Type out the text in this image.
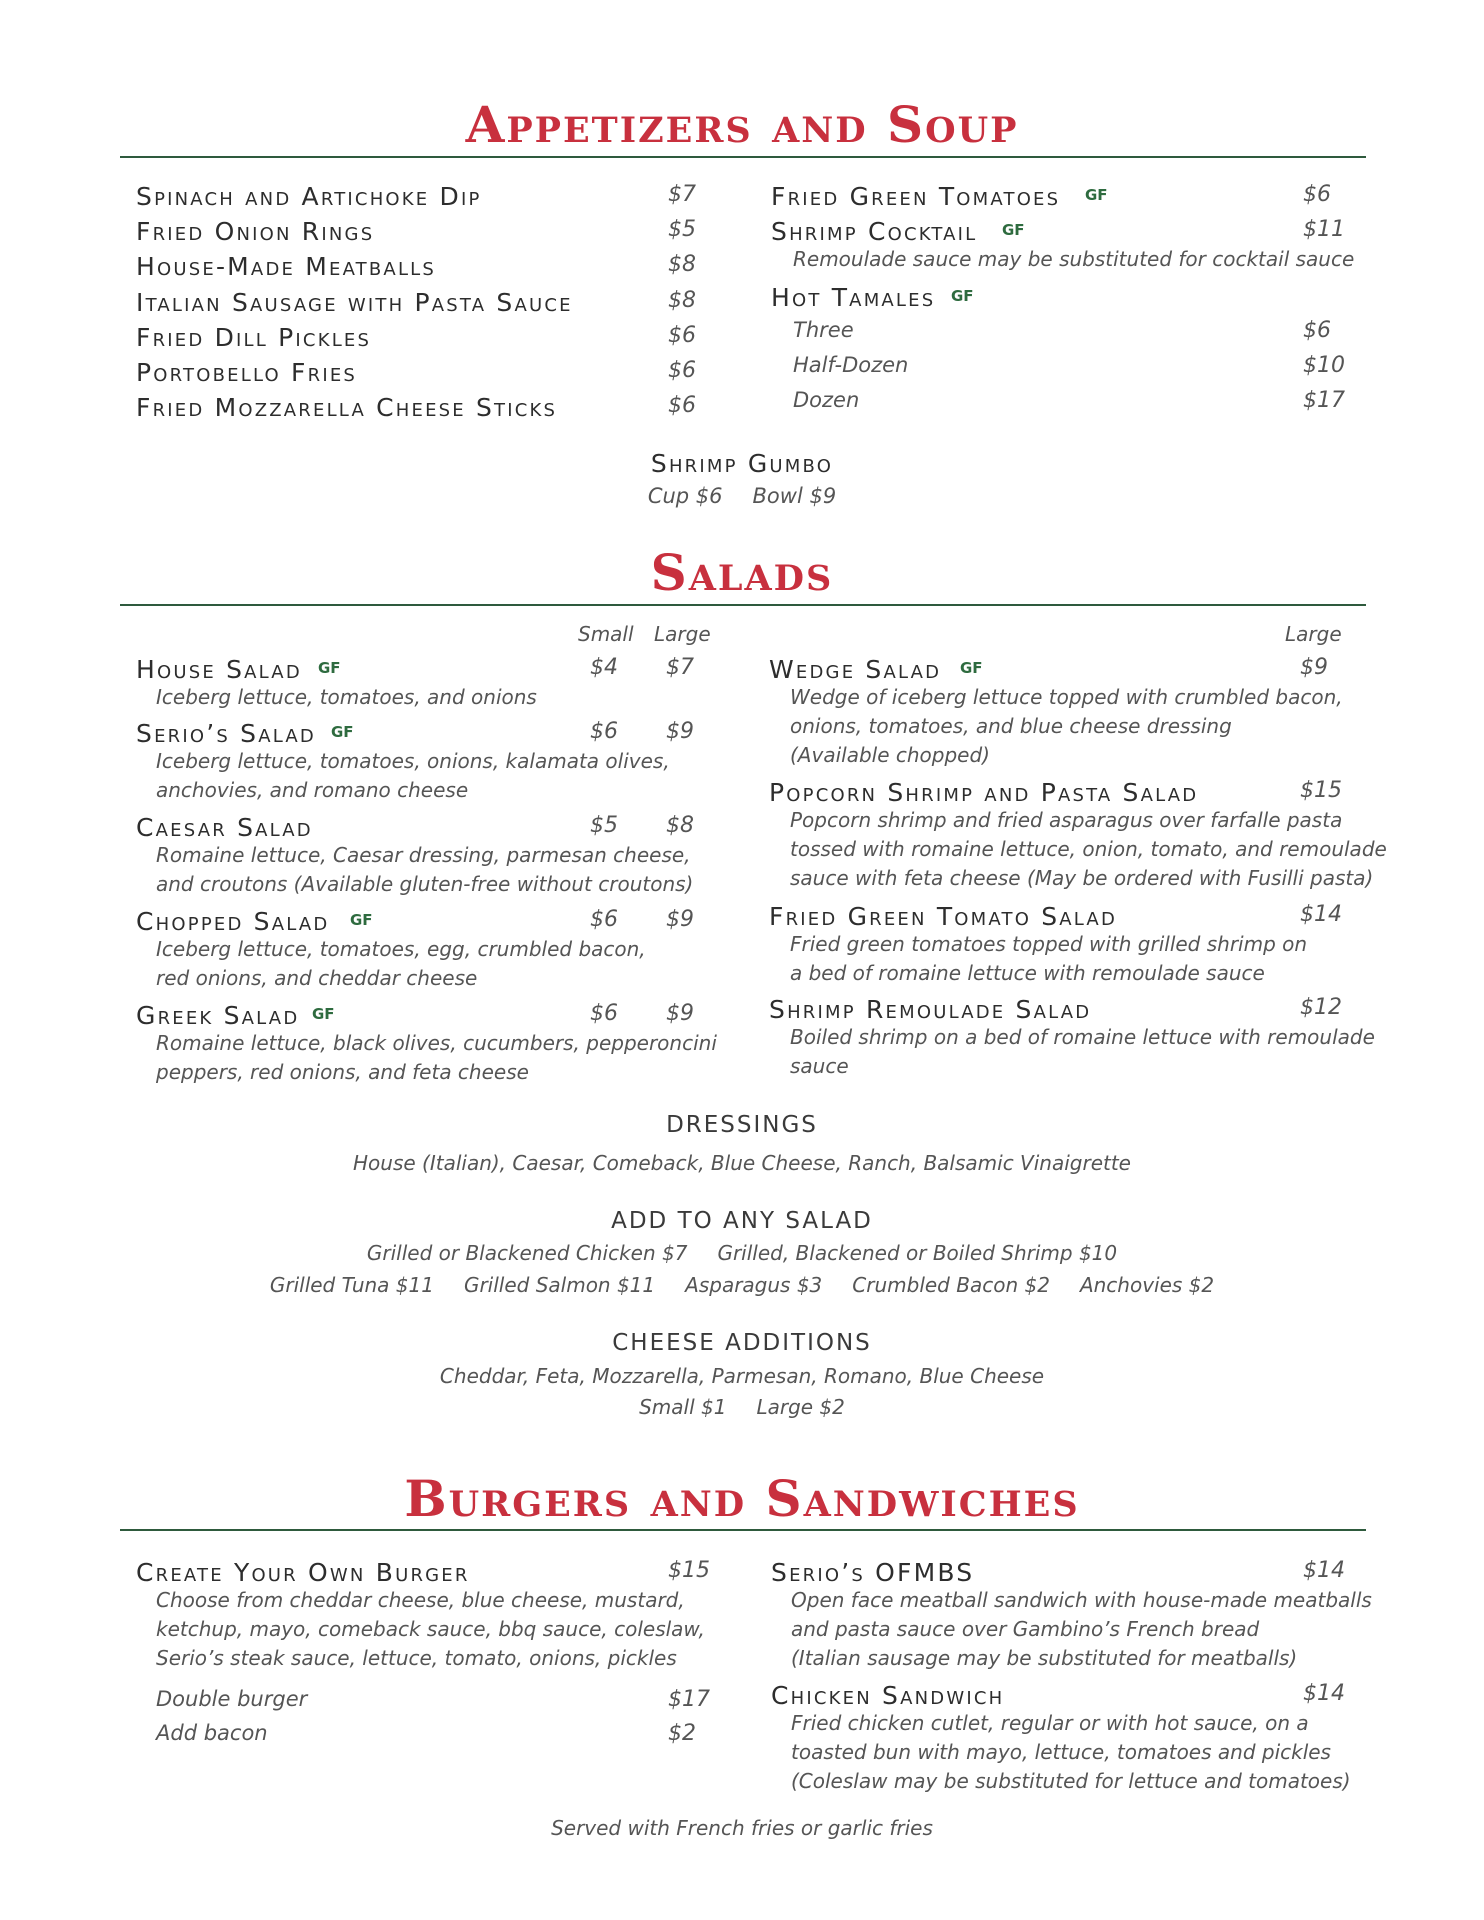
Appetizers and Soup
Spinach and Artichoke Dip	$7
Fried Onion Rings	$5
House-Made Meatballs	$8
Italian Sausage with Pasta Sauce	$8
Fried Dill Pickles	$6
Portobello Fries	$6
Fried Mozzarella Cheese Sticks	$6
Fried Green Tomatoes GF	$6
Shrimp Cocktail GF	$11
Remoulade sauce may be substituted for cocktail sauce
Hot Tamales GF
Three	$6
Half-Dozen	$10
Dozen	$17
Shrimp Gumbo
Cup $6 Bowl $9
Salads
Small Large	Large
House Salad GF	$4 $7
Iceberg lettuce, tomatoes, and onions
Serio’s Salad GF	$6 $9
Iceberg lettuce, tomatoes, onions, kalamata olives,
anchovies, and romano cheese
Caesar Salad	$5 $8
Romaine lettuce, Caesar dressing, parmesan cheese,
and croutons (Available gluten-free without croutons)
Chopped Salad GF	$6 $9
Iceberg lettuce, tomatoes, egg, crumbled bacon,
red onions, and cheddar cheese
Greek Salad GF	$6 $9
Romaine lettuce, black olives, cucumbers, pepperoncini
peppers, red onions, and feta cheese
Wedge Salad GF	$9
Wedge of iceberg lettuce topped with crumbled bacon,
onions, tomatoes, and blue cheese dressing
(Available chopped)
Popcorn Shrimp and Pasta Salad	$15
Popcorn shrimp and fried asparagus over farfalle pasta
tossed with romaine lettuce, onion, tomato, and remoulade
sauce with feta cheese (May be ordered with Fusilli pasta)
Fried Green Tomato Salad	$14
Fried green tomatoes topped with grilled shrimp on
a bed of romaine lettuce with remoulade sauce
Shrimp Remoulade Salad	$12
Boiled shrimp on a bed of romaine lettuce with remoulade
sauce
DRESSINGS
House (Italian), Caesar, Comeback, Blue Cheese, Ranch, Balsamic Vinaigrette
ADD TO ANY SALAD
Grilled or Blackened Chicken $7 Grilled, Blackened or Boiled Shrimp $10
Grilled Tuna $11 Grilled Salmon $11 Asparagus $3 Crumbled Bacon $2 Anchovies $2
CHEESE ADDITIONS
Cheddar, Feta, Mozzarella, Parmesan, Romano, Blue Cheese
Small $1 Large $2
Burgers and Sandwiches
Create Your Own Burger	$15
Choose from cheddar cheese, blue cheese, mustard,
ketchup, mayo, comeback sauce, bbq sauce, coleslaw,
Serio’s steak sauce, lettuce, tomato, onions, pickles
Double burger	$17
Add bacon	$2
Serio’s OFMBS	$14
Open face meatball sandwich with house-made meatballs
and pasta sauce over Gambino’s French bread
(Italian sausage may be substituted for meatballs)
Chicken Sandwich	$14
Fried chicken cutlet, regular or with hot sauce, on a
toasted bun with mayo, lettuce, tomatoes and pickles
(Coleslaw may be substituted for lettuce and tomatoes)
Served with French fries or garlic fries
